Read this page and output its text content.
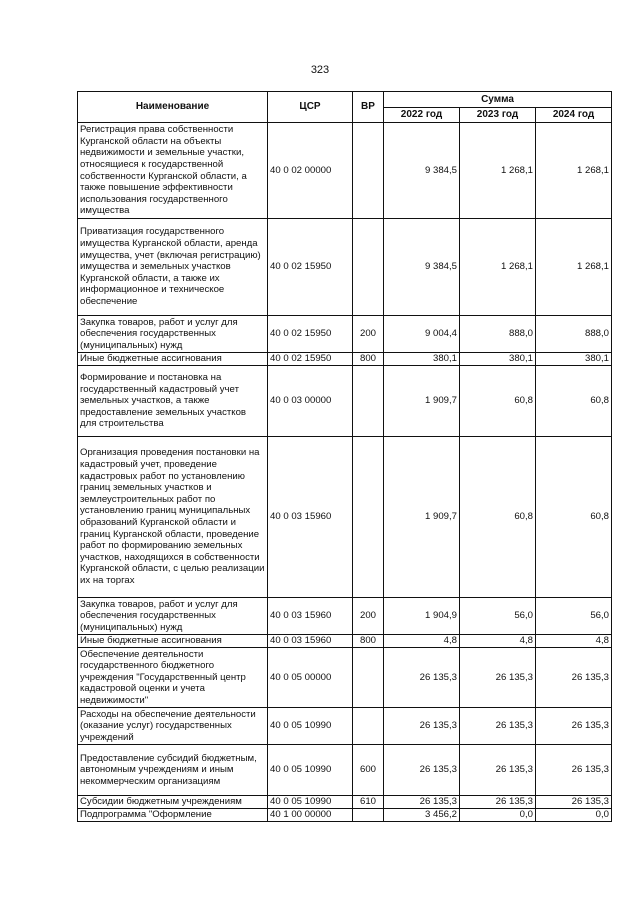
323
Наименование	ЦСР	ВР	Сумма		
			2022 год	2023 год	2024 год
Регистрация права собственности Курганской области на объекты недвижимости и земельные участки, относящиеся к государственной собственности Курганской области, а также повышение эффективности использования государственного имущества	40 0 02 00000		9 384,5	1 268,1	1 268,1
Приватизация государственного имущества Курганской области, аренда имущества, учет (включая регистрацию) имущества и земельных участков Курганской области, а также их информационное и техническое обеспечение	40 0 02 15950		9 384,5	1 268,1	1 268,1
Закупка товаров, работ и услуг для обеспечения государственных (муниципальных) нужд	40 0 02 15950	200	9 004,4	888,0	888,0
Иные бюджетные ассигнования	40 0 02 15950	800	380,1	380,1	380,1
Формирование и постановка на государственный кадастровый учет земельных участков, а также предоставление земельных участков для строительства	40 0 03 00000		1 909,7	60,8	60,8
Организация проведения постановки на кадастровый учет, проведение кадастровых работ по установлению границ земельных участков и землеустроительных работ по установлению границ муниципальных образований Курганской области и границ Курганской области, проведение работ по формированию земельных участков, находящихся в собственности Курганской области, с целью реализации их на торгах	40 0 03 15960		1 909,7	60,8	60,8
Закупка товаров, работ и услуг для обеспечения государственных (муниципальных) нужд	40 0 03 15960	200	1 904,9	56,0	56,0
Иные бюджетные ассигнования	40 0 03 15960	800	4,8	4,8	4,8
Обеспечение деятельности государственного бюджетного учреждения "Государственный центр кадастровой оценки и учета недвижимости"	40 0 05 00000		26 135,3	26 135,3	26 135,3
Расходы на обеспечение деятельности (оказание услуг) государственных учреждений	40 0 05 10990		26 135,3	26 135,3	26 135,3
Предоставление субсидий бюджетным, автономным учреждениям и иным некоммерческим организациям	40 0 05 10990	600	26 135,3	26 135,3	26 135,3
Субсидии бюджетным учреждениям	40 0 05 10990	610	26 135,3	26 135,3	26 135,3
Подпрограмма "Оформление	40 1 00 00000		3 456,2	0,0	0,0
